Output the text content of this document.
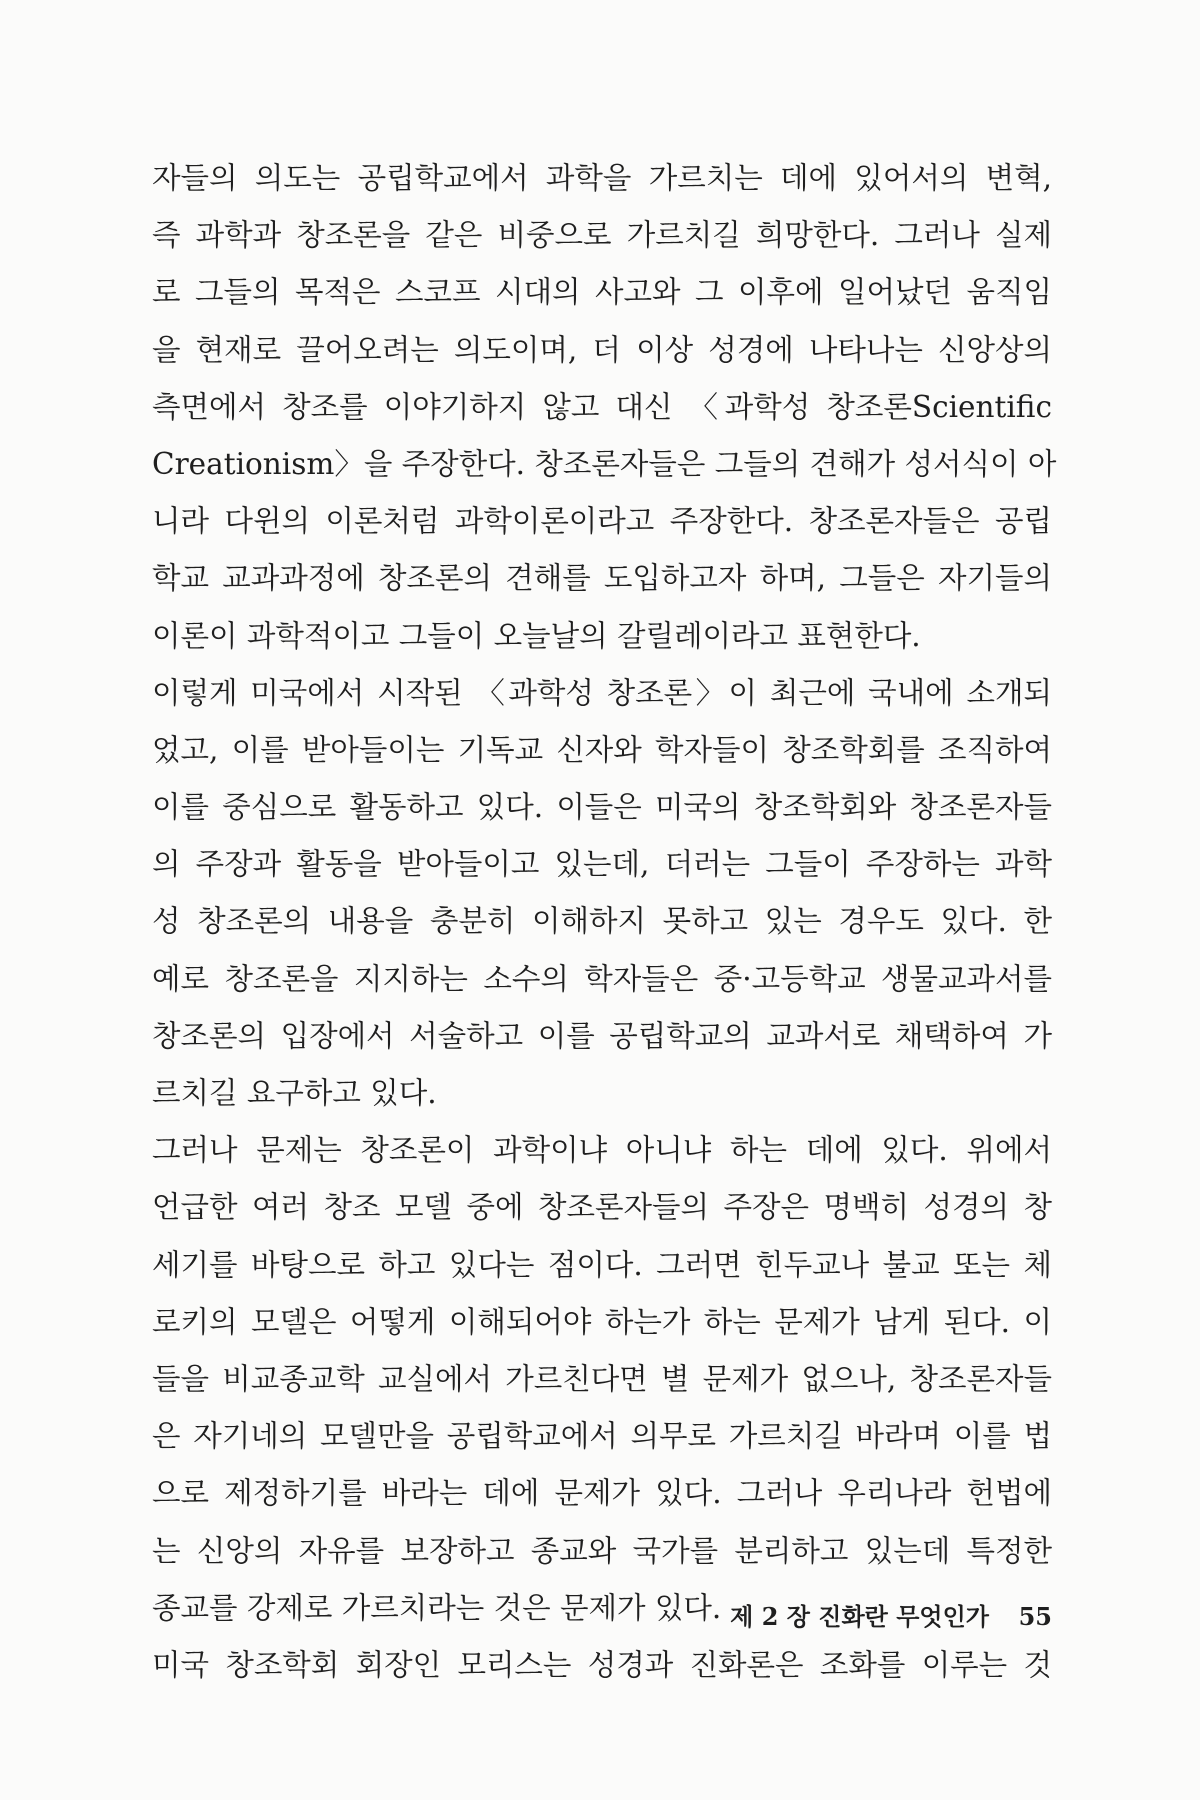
자들의 의도는 공립학교에서 과학을 가르치는 데에 있어서의 변혁,
즉 과학과 창조론을 같은 비중으로 가르치길 희망한다. 그러나 실제
로 그들의 목적은 스코프 시대의 사고와 그 이후에 일어났던 움직임
을 현재로 끌어오려는 의도이며, 더 이상 성경에 나타나는 신앙상의
측면에서 창조를 이야기하지 않고 대신 〈과학성 창조론Scientific
Creationism〉을 주장한다. 창조론자들은 그들의 견해가 성서식이 아
니라 다윈의 이론처럼 과학이론이라고 주장한다. 창조론자들은 공립
학교 교과과정에 창조론의 견해를 도입하고자 하며, 그들은 자기들의
이론이 과학적이고 그들이 오늘날의 갈릴레이라고 표현한다.
이렇게 미국에서 시작된 〈과학성 창조론〉이 최근에 국내에 소개되
었고, 이를 받아들이는 기독교 신자와 학자들이 창조학회를 조직하여
이를 중심으로 활동하고 있다. 이들은 미국의 창조학회와 창조론자들
의 주장과 활동을 받아들이고 있는데, 더러는 그들이 주장하는 과학
성 창조론의 내용을 충분히 이해하지 못하고 있는 경우도 있다. 한
예로 창조론을 지지하는 소수의 학자들은 중·고등학교 생물교과서를
창조론의 입장에서 서술하고 이를 공립학교의 교과서로 채택하여 가
르치길 요구하고 있다.
그러나 문제는 창조론이 과학이냐 아니냐 하는 데에 있다. 위에서
언급한 여러 창조 모델 중에 창조론자들의 주장은 명백히 성경의 창
세기를 바탕으로 하고 있다는 점이다. 그러면 힌두교나 불교 또는 체
로키의 모델은 어떻게 이해되어야 하는가 하는 문제가 남게 된다. 이
들을 비교종교학 교실에서 가르친다면 별 문제가 없으나, 창조론자들
은 자기네의 모델만을 공립학교에서 의무로 가르치길 바라며 이를 법
으로 제정하기를 바라는 데에 문제가 있다. 그러나 우리나라 헌법에
는 신앙의 자유를 보장하고 종교와 국가를 분리하고 있는데 특정한
종교를 강제로 가르치라는 것은 문제가 있다.
미국 창조학회 회장인 모리스는 성경과 진화론은 조화를 이루는 것
제 2 장 진화란 무엇인가 55
